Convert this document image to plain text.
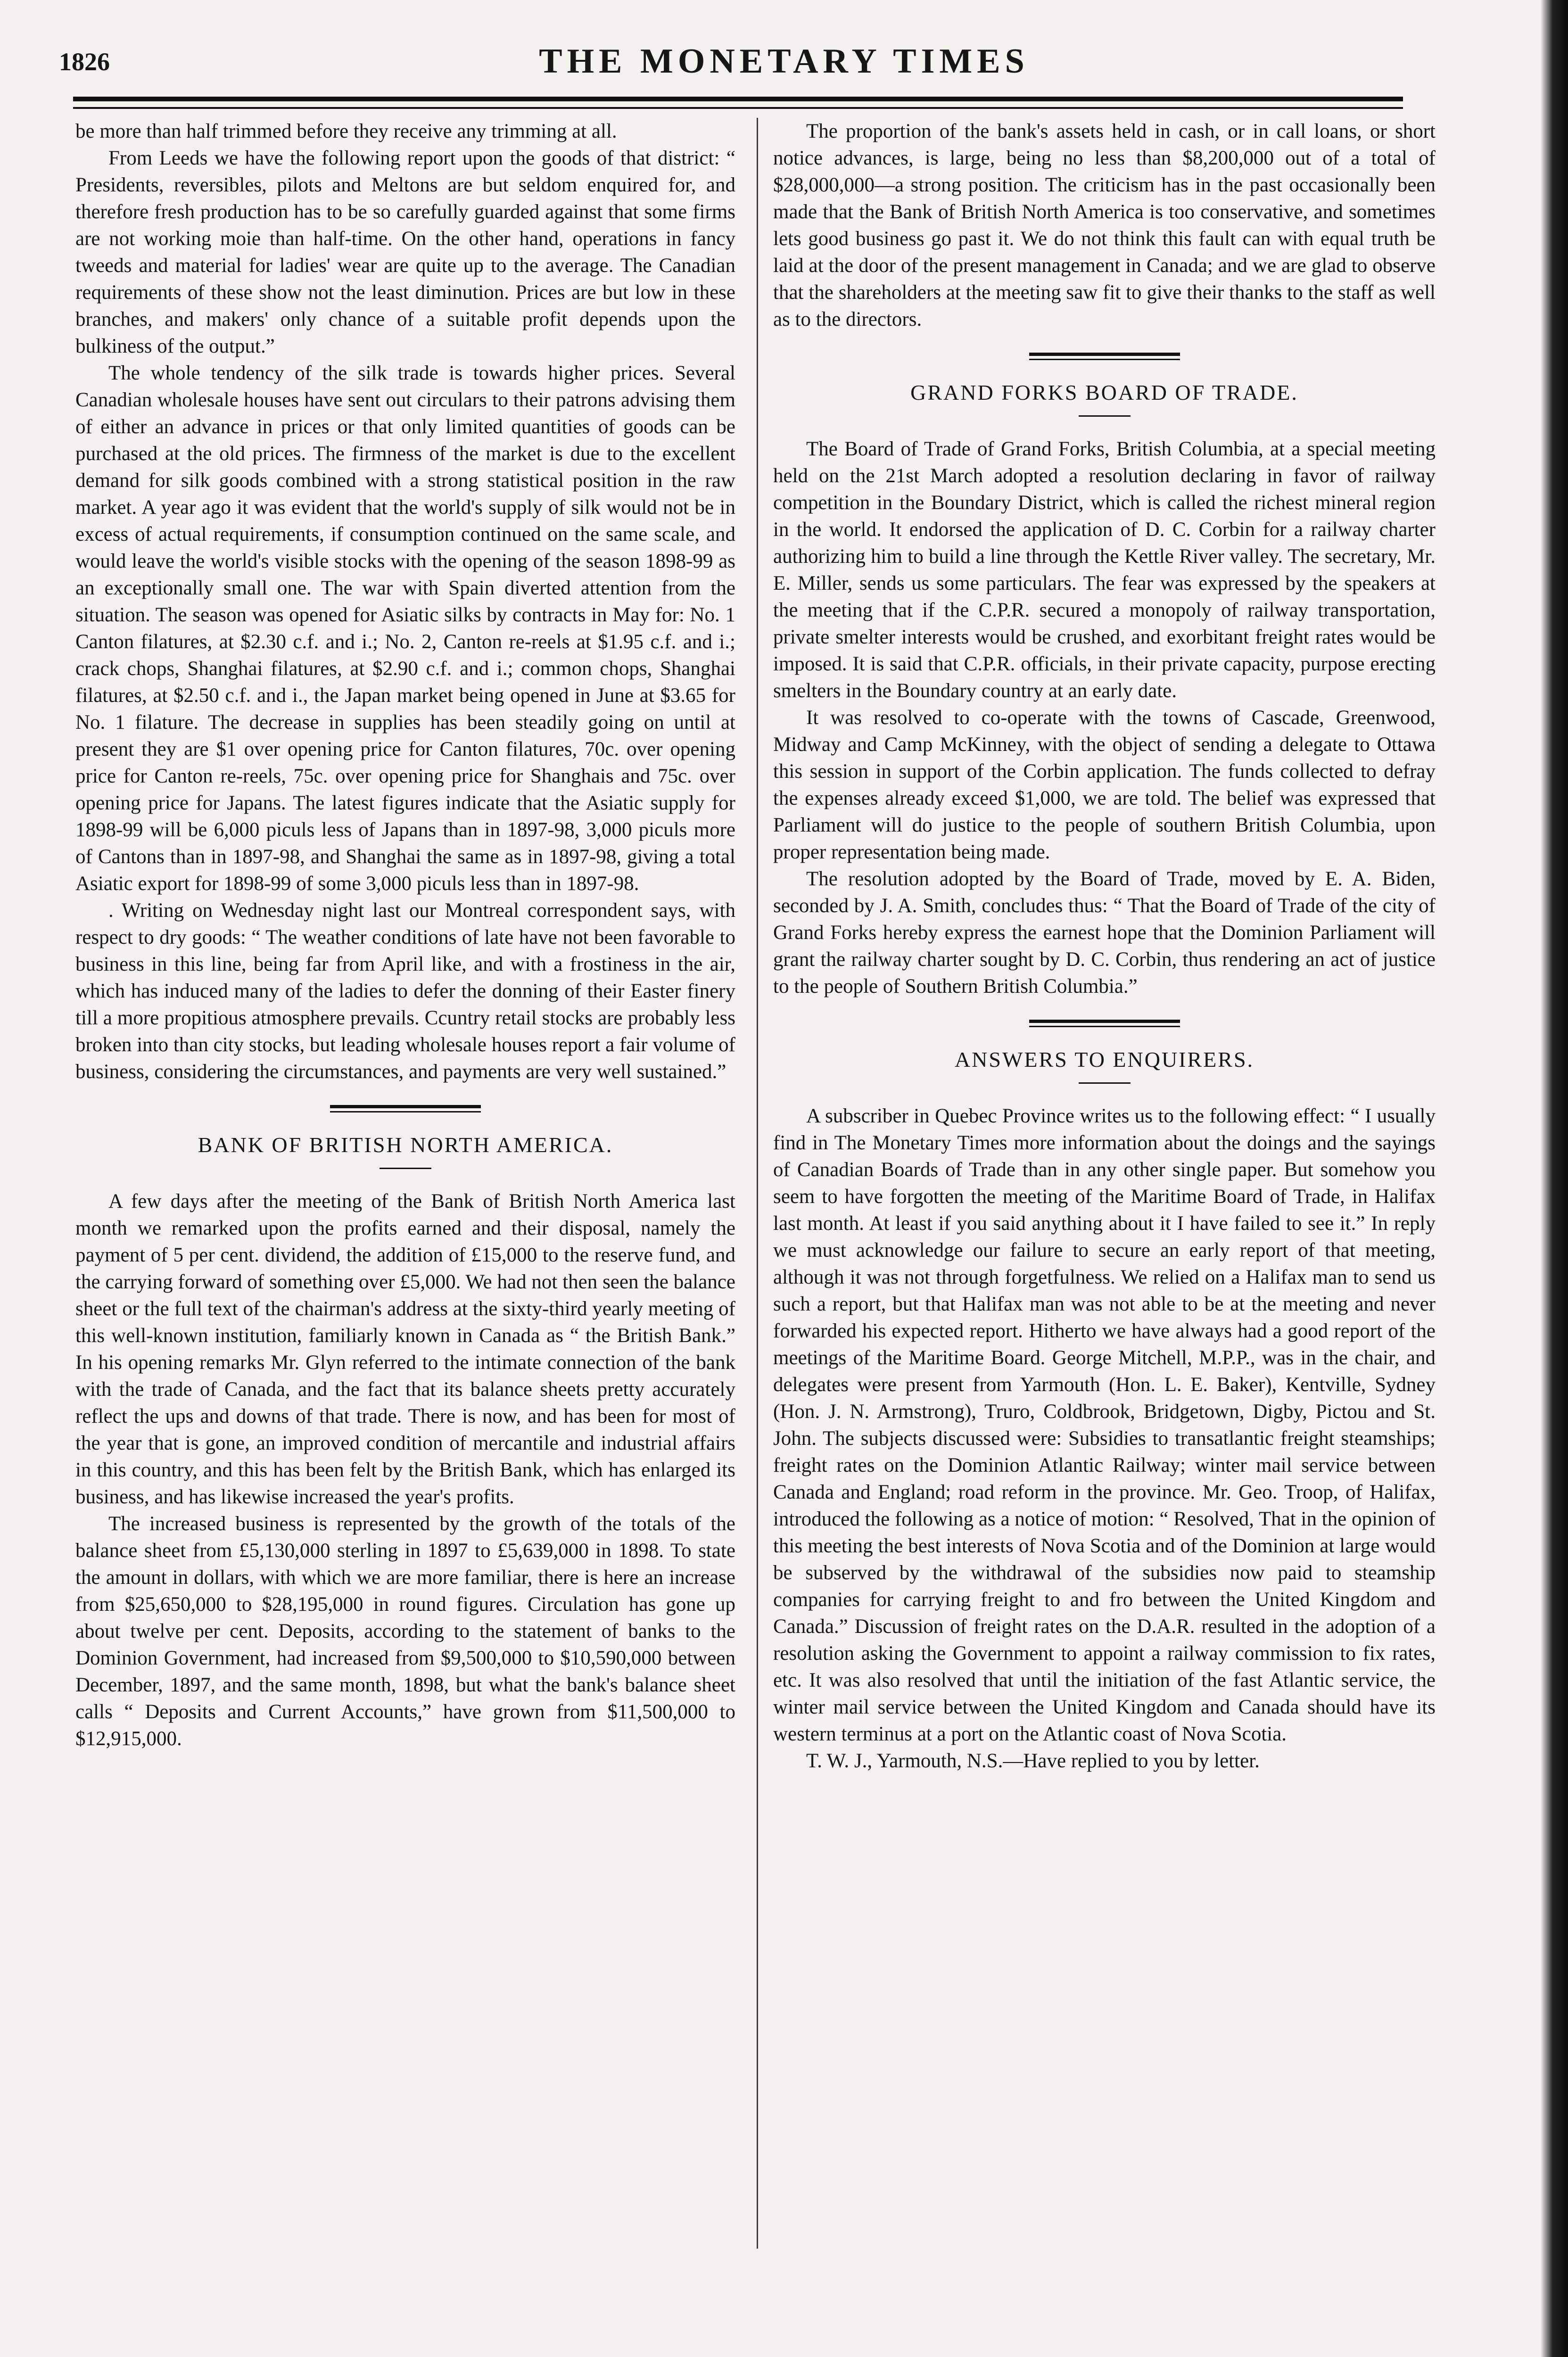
1826	THE MONETARY TIMES

be more than half trimmed before they receive any trimming at all.

From Leeds we have the following report upon the goods of that district: “ Presidents, reversibles, pilots and Meltons are but seldom enquired for, and therefore fresh production has to be so carefully guarded against that some firms are not working moie than half-time. On the other hand, operations in fancy tweeds and material for ladies' wear are quite up to the average. The Canadian requirements of these show not the least diminution. Prices are but low in these branches, and makers' only chance of a suitable profit depends upon the bulkiness of the output.”

The whole tendency of the silk trade is towards higher prices. Several Canadian wholesale houses have sent out circulars to their patrons advising them of either an advance in prices or that only limited quantities of goods can be purchased at the old prices. The firmness of the market is due to the excellent demand for silk goods combined with a strong statistical position in the raw market. A year ago it was evident that the world's supply of silk would not be in excess of actual requirements, if consumption continued on the same scale, and would leave the world's visible stocks with the opening of the season 1898-99 as an exceptionally small one. The war with Spain diverted attention from the situation. The season was opened for Asiatic silks by contracts in May for: No. 1 Canton filatures, at $2.30 c.f. and i.; No. 2, Canton re-reels at $1.95 c.f. and i.; crack chops, Shanghai filatures, at $2.90 c.f. and i.; common chops, Shanghai filatures, at $2.50 c.f. and i., the Japan market being opened in June at $3.65 for No. 1 filature. The decrease in supplies has been steadily going on until at present they are $1 over opening price for Canton filatures, 70c. over opening price for Canton re-reels, 75c. over opening price for Shanghais and 75c. over opening price for Japans. The latest figures indicate that the Asiatic supply for 1898-99 will be 6,000 piculs less of Japans than in 1897-98, 3,000 piculs more of Cantons than in 1897-98, and Shanghai the same as in 1897-98, giving a total Asiatic export for 1898-99 of some 3,000 piculs less than in 1897-98.

. Writing on Wednesday night last our Montreal correspondent says, with respect to dry goods: “ The weather conditions of late have not been favorable to business in this line, being far from April like, and with a frostiness in the air, which has induced many of the ladies to defer the donning of their Easter finery till a more propitious atmosphere prevails. Ccuntry retail stocks are probably less broken into than city stocks, but leading wholesale houses report a fair volume of business, considering the circumstances, and payments are very well sustained.”

BANK OF BRITISH NORTH AMERICA.

A few days after the meeting of the Bank of British North America last month we remarked upon the profits earned and their disposal, namely the payment of 5 per cent. dividend, the addition of £15,000 to the reserve fund, and the carrying forward of something over £5,000. We had not then seen the balance sheet or the full text of the chairman's address at the sixty-third yearly meeting of this well-known institution, familiarly known in Canada as “ the British Bank.” In his opening remarks Mr. Glyn referred to the intimate connection of the bank with the trade of Canada, and the fact that its balance sheets pretty accurately reflect the ups and downs of that trade. There is now, and has been for most of the year that is gone, an improved condition of mercantile and industrial affairs in this country, and this has been felt by the British Bank, which has enlarged its business, and has likewise increased the year's profits.

The increased business is represented by the growth of the totals of the balance sheet from £5,130,000 sterling in 1897 to £5,639,000 in 1898. To state the amount in dollars, with which we are more familiar, there is here an increase from $25,650,000 to $28,195,000 in round figures. Circulation has gone up about twelve per cent. Deposits, according to the statement of banks to the Dominion Government, had increased from $9,500,000 to $10,590,000 between December, 1897, and the same month, 1898, but what the bank's balance sheet calls “ Deposits and Current Accounts,” have grown from $11,500,000 to $12,915,000.

The proportion of the bank's assets held in cash, or in call loans, or short notice advances, is large, being no less than $8,200,000 out of a total of $28,000,000—a strong position. The criticism has in the past occasionally been made that the Bank of British North America is too conservative, and sometimes lets good business go past it. We do not think this fault can with equal truth be laid at the door of the present management in Canada; and we are glad to observe that the shareholders at the meeting saw fit to give their thanks to the staff as well as to the directors.

GRAND FORKS BOARD OF TRADE.

The Board of Trade of Grand Forks, British Columbia, at a special meeting held on the 21st March adopted a resolution declaring in favor of railway competition in the Boundary District, which is called the richest mineral region in the world. It endorsed the application of D. C. Corbin for a railway charter authorizing him to build a line through the Kettle River valley. The secretary, Mr. E. Miller, sends us some particulars. The fear was expressed by the speakers at the meeting that if the C.P.R. secured a monopoly of railway transportation, private smelter interests would be crushed, and exorbitant freight rates would be imposed. It is said that C.P.R. officials, in their private capacity, purpose erecting smelters in the Boundary country at an early date.

It was resolved to co-operate with the towns of Cascade, Greenwood, Midway and Camp McKinney, with the object of sending a delegate to Ottawa this session in support of the Corbin application. The funds collected to defray the expenses already exceed $1,000, we are told. The belief was expressed that Parliament will do justice to the people of southern British Columbia, upon proper representation being made.

The resolution adopted by the Board of Trade, moved by E. A. Biden, seconded by J. A. Smith, concludes thus: “ That the Board of Trade of the city of Grand Forks hereby express the earnest hope that the Dominion Parliament will grant the railway charter sought by D. C. Corbin, thus rendering an act of justice to the people of Southern British Columbia.”

ANSWERS TO ENQUIRERS.

A subscriber in Quebec Province writes us to the following effect: “ I usually find in The Monetary Times more information about the doings and the sayings of Canadian Boards of Trade than in any other single paper. But somehow you seem to have forgotten the meeting of the Maritime Board of Trade, in Halifax last month. At least if you said anything about it I have failed to see it.” In reply we must acknowledge our failure to secure an early report of that meeting, although it was not through forgetfulness. We relied on a Halifax man to send us such a report, but that Halifax man was not able to be at the meeting and never forwarded his expected report. Hitherto we have always had a good report of the meetings of the Maritime Board. George Mitchell, M.P.P., was in the chair, and delegates were present from Yarmouth (Hon. L. E. Baker), Kentville, Sydney (Hon. J. N. Armstrong), Truro, Coldbrook, Bridgetown, Digby, Pictou and St. John. The subjects discussed were: Subsidies to transatlantic freight steamships; freight rates on the Dominion Atlantic Railway; winter mail service between Canada and England; road reform in the province. Mr. Geo. Troop, of Halifax, introduced the following as a notice of motion: “ Resolved, That in the opinion of this meeting the best interests of Nova Scotia and of the Dominion at large would be subserved by the withdrawal of the subsidies now paid to steamship companies for carrying freight to and fro between the United Kingdom and Canada.” Discussion of freight rates on the D.A.R. resulted in the adoption of a resolution asking the Government to appoint a railway commission to fix rates, etc. It was also resolved that until the initiation of the fast Atlantic service, the winter mail service between the United Kingdom and Canada should have its western terminus at a port on the Atlantic coast of Nova Scotia.

T. W. J., Yarmouth, N.S.—Have replied to you by letter.
